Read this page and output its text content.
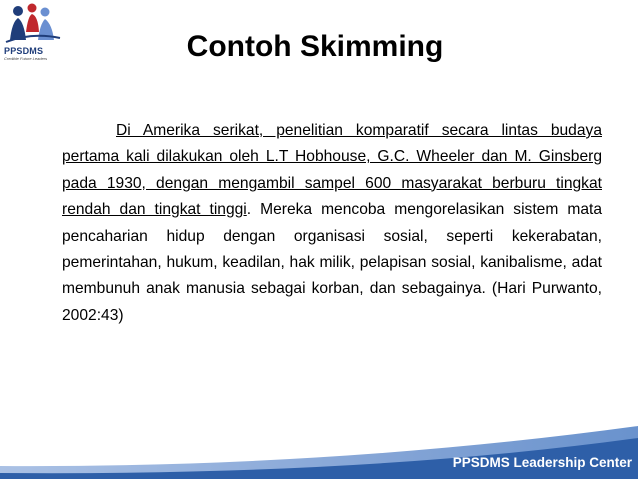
PPSDMS
Credible Future Leaders	Contoh Skimming
Di Amerika serikat, penelitian komparatif secara lintas budaya pertama kali dilakukan oleh L.T Hobhouse, G.C. Wheeler dan M. Ginsberg pada 1930, dengan mengambil sampel 600 masyarakat berburu tingkat rendah dan tingkat tinggi. Mereka mencoba mengorelasikan sistem mata pencaharian hidup dengan organisasi sosial, seperti kekerabatan, pemerintahan, hukum, keadilan, hak milik, pelapisan sosial, kanibalisme, adat membunuh anak manusia sebagai korban, dan sebagainya. (Hari Purwanto, 2002:43)
PPSDMS Leadership Center
